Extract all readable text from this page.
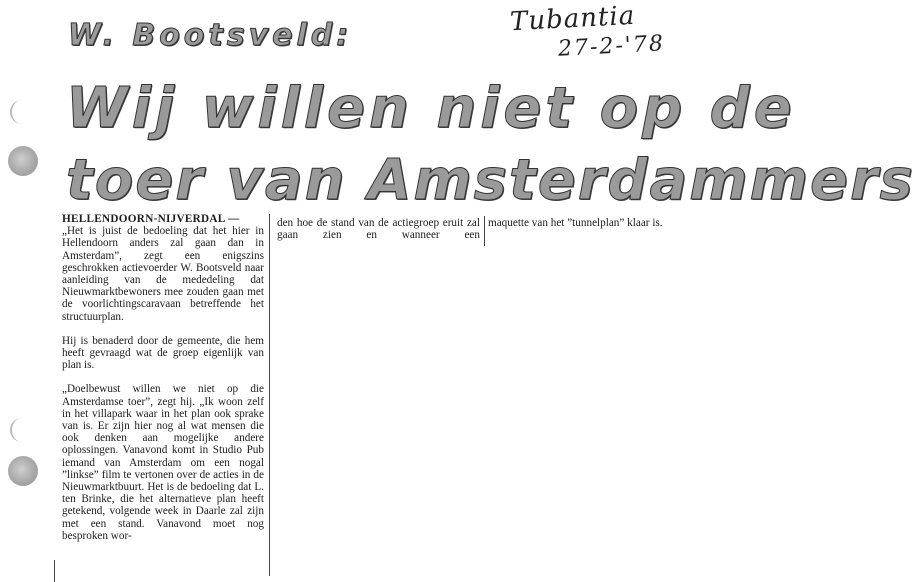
Tubantia
27-2-'78
W. Bootsveld:
Wij willen niet op de
toer van Amsterdammers
HELLENDOORN-NIJVERDAL —

„Het is juist de bedoeling dat het hier in Hellendoorn anders zal gaan dan in Amsterdam”, zegt een enigszins geschrokken actievoerder W. Bootsveld naar aanleiding van de mededeling dat Nieuwmarktbewoners mee zouden gaan met de voorlichtingscaravaan betreffende het structuurplan.

Hij is benaderd door de gemeente, die hem heeft gevraagd wat de groep eigenlijk van plan is.

„Doelbewust willen we niet op die Amsterdamse toer”, zegt hij. „Ik woon zelf in het villapark waar in het plan ook sprake van is. Er zijn hier nog al wat mensen die ook denken aan mogelijke andere oplossingen. Vanavond komt in Studio Pub iemand van Amsterdam om een nogal ”linkse” film te vertonen over de acties in de Nieuwmarktbuurt. Het is de bedoeling dat L. ten Brinke, die het alternatieve plan heeft getekend, volgende week in Daarle zal zijn met een stand. Vanavond moet nog besproken wor-

den hoe de stand van de actiegroep eruit zal gaan zien en wanneer een

maquette van het ”tunnelplan” klaar is.
